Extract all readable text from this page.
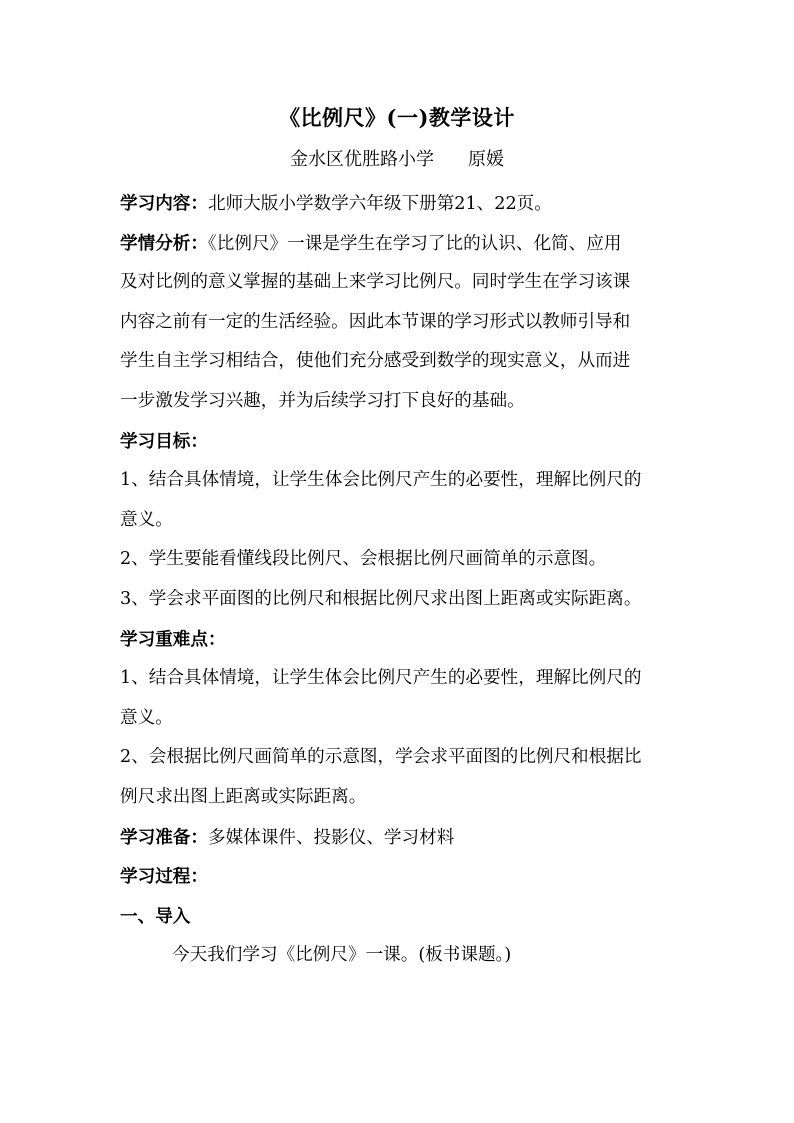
《比例尺》(一)教学设计
金水区优胜路小学 原媛
学习内容：北师大版小学数学六年级下册第21、22页。
学情分析：《比例尺》一课是学生在学习了比的认识、化简、应用
及对比例的意义掌握的基础上来学习比例尺。同时学生在学习该课
内容之前有一定的生活经验。因此本节课的学习形式以教师引导和
学生自主学习相结合，使他们充分感受到数学的现实意义，从而进
一步激发学习兴趣，并为后续学习打下良好的基础。
学习目标：
1、结合具体情境，让学生体会比例尺产生的必要性，理解比例尺的
意义。
2、学生要能看懂线段比例尺、会根据比例尺画简单的示意图。
3、学会求平面图的比例尺和根据比例尺求出图上距离或实际距离。
学习重难点：
1、结合具体情境，让学生体会比例尺产生的必要性，理解比例尺的
意义。
2、会根据比例尺画简单的示意图，学会求平面图的比例尺和根据比
例尺求出图上距离或实际距离。
学习准备：多媒体课件、投影仪、学习材料
学习过程：
一、导入
今天我们学习《比例尺》一课。(板书课题。)
